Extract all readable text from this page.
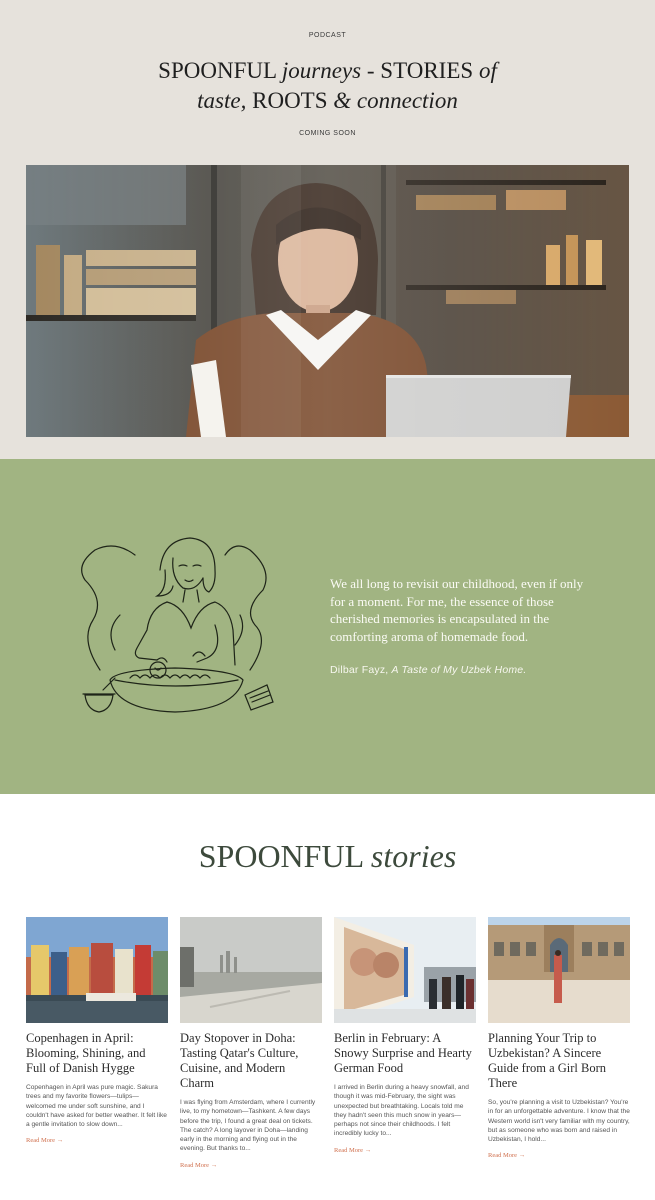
PODCAST
SPOONFUL journeys - STORIES of
taste, ROOTS & connection
COMING SOON

We all long to revisit our childhood, even if only for a moment. For me, the essence of those cherished memories is encapsulated in the comforting aroma of homemade food.

Dilbar Fayz, A Taste of My Uzbek Home.

SPOONFUL stories
Copenhagen in April: Blooming, Shining, and Full of Danish Hygge

Copenhagen in April was pure magic. Sakura trees and my favorite flowers—tulips—welcomed me under soft sunshine, and I couldn't have asked for better weather. It felt like a gentle invitation to slow down...

Read More →
Day Stopover in Doha: Tasting Qatar's Culture, Cuisine, and Modern Charm

I was flying from Amsterdam, where I currently live, to my hometown—Tashkent. A few days before the trip, I found a great deal on tickets. The catch? A long layover in Doha—landing early in the morning and flying out in the evening. But thanks to...

Read More →
Berlin in February: A Snowy Surprise and Hearty German Food

I arrived in Berlin during a heavy snowfall, and though it was mid-February, the sight was unexpected but breathtaking. Locals told me they hadn't seen this much snow in years—perhaps not since their childhoods. I felt incredibly lucky to...

Read More →
Planning Your Trip to Uzbekistan? A Sincere Guide from a Girl Born There

So, you're planning a visit to Uzbekistan? You're in for an unforgettable adventure. I know that the Western world isn't very familiar with my country, but as someone who was born and raised in Uzbekistan, I hold...

Read More →
